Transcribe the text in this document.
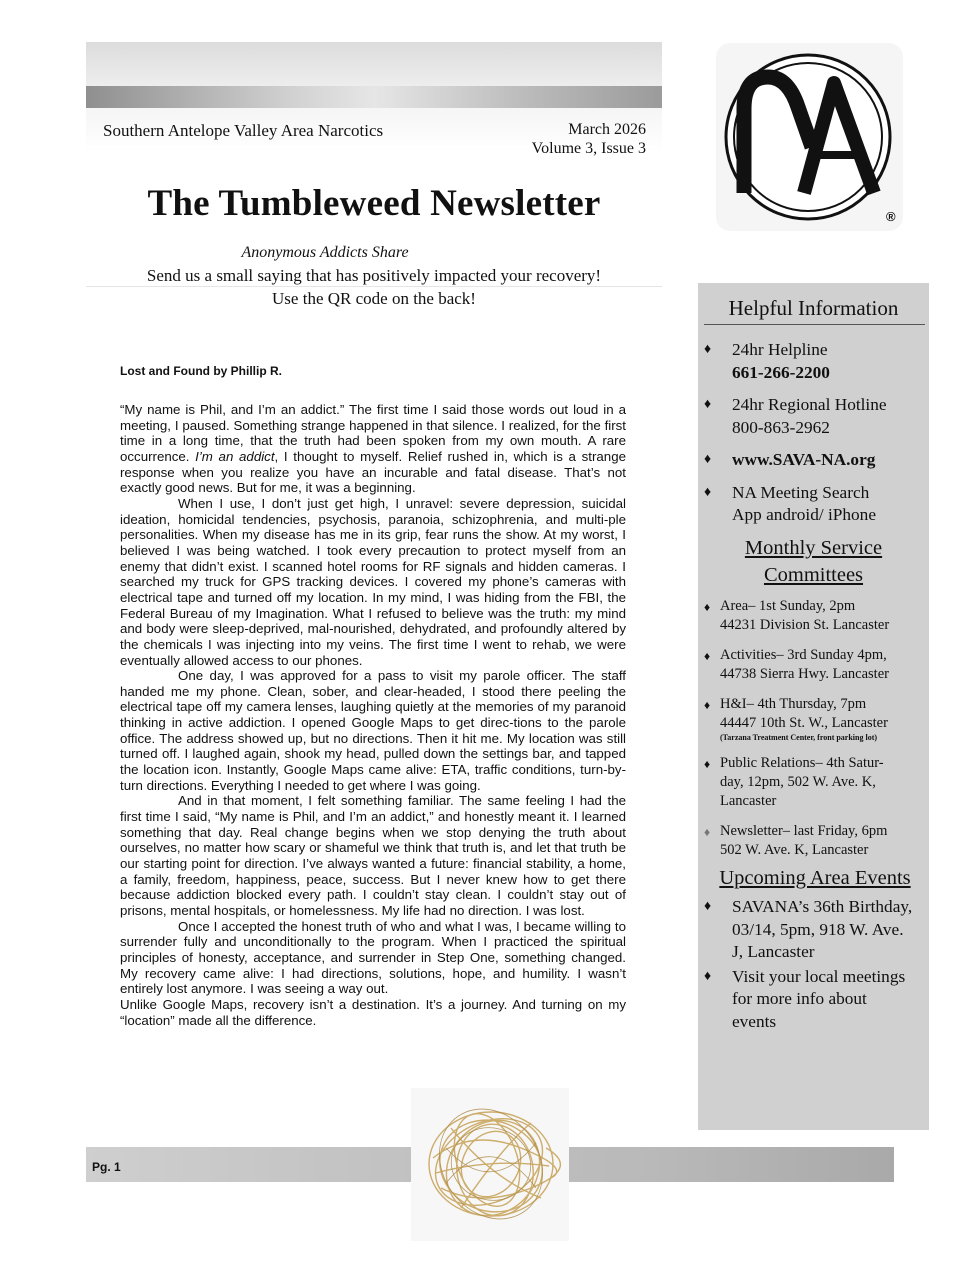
Southern Antelope Valley Area Narcotics	March 2026
Volume 3, Issue 3
The Tumbleweed Newsletter
Anonymous Addicts Share
Send us a small saying that has positively impacted your recovery!
Use the QR code on the back!
®
Lost and Found by Phillip R.

“My name is Phil, and I’m an addict.” The first time I said those words out loud in a meeting, I paused. Something strange happened in that silence. I realized, for the first time in a long time, that the truth had been spoken from my own mouth. A rare occurrence. I’m an addict, I thought to myself. Relief rushed in, which is a strange response when you realize you have an incurable and fatal disease. That’s not exactly good news. But for me, it was a beginning.

When I use, I don’t just get high, I unravel: severe depression, suicidal ideation, homicidal tendencies, psychosis, paranoia, schizophrenia, and multi-ple personalities. When my disease has me in its grip, fear runs the show. At my worst, I believed I was being watched. I took every precaution to protect myself from an enemy that didn’t exist. I scanned hotel rooms for RF signals and hidden cameras. I searched my truck for GPS tracking devices. I covered my phone’s cameras with electrical tape and turned off my location. In my mind, I was hiding from the FBI, the Federal Bureau of my Imagination. What I refused to believe was the truth: my mind and body were sleep-deprived, mal-nourished, dehydrated, and profoundly altered by the chemicals I was injecting into my veins. The first time I went to rehab, we were eventually allowed access to our phones.

One day, I was approved for a pass to visit my parole officer. The staff handed me my phone. Clean, sober, and clear-headed, I stood there peeling the electrical tape off my camera lenses, laughing quietly at the memories of my paranoid thinking in active addiction. I opened Google Maps to get direc-tions to the parole office. The address showed up, but no directions. Then it hit me. My location was still turned off. I laughed again, shook my head, pulled down the settings bar, and tapped the location icon. Instantly, Google Maps came alive: ETA, traffic conditions, turn-by-turn directions. Everything I needed to get where I was going.

And in that moment, I felt something familiar. The same feeling I had the first time I said, “My name is Phil, and I’m an addict,” and honestly meant it. I learned something that day. Real change begins when we stop denying the truth about ourselves, no matter how scary or shameful we think that truth is, and let that truth be our starting point for direction. I’ve always wanted a future: financial stability, a home, a family, freedom, happiness, peace, success. But I never knew how to get there because addiction blocked every path. I couldn’t stay clean. I couldn’t stay out of prisons, mental hospitals, or homelessness. My life had no direction. I was lost.

Once I accepted the honest truth of who and what I was, I became willing to surrender fully and unconditionally to the program. When I practiced the spiritual principles of honesty, acceptance, and surrender in Step One, something changed. My recovery came alive: I had directions, solutions, hope, and humility. I wasn’t entirely lost anymore. I was seeing a way out.

Unlike Google Maps, recovery isn’t a destination. It’s a journey. And turning on my “location” made all the difference.

Helpful Information
♦ 24hr Helpline
661-266-2200
♦ 24hr Regional Hotline
800-863-2962
♦ www.SAVA-NA.org
♦ NA Meeting Search
App android/ iPhone
Monthly Service
Committees
♦ Area– 1st Sunday, 2pm
44231 Division St. Lancaster
♦ Activities– 3rd Sunday 4pm,
44738 Sierra Hwy. Lancaster
♦ H&I– 4th Thursday, 7pm
44447 10th St. W., Lancaster
(Tarzana Treatment Center, front parking lot)
♦ Public Relations– 4th Satur-
day, 12pm, 502 W. Ave. K,
Lancaster
♦ Newsletter– last Friday, 6pm
502 W. Ave. K, Lancaster
Upcoming Area Events
♦ SAVANA’s 36th Birthday,
03/14, 5pm, 918 W. Ave.
J, Lancaster
♦ Visit your local meetings
for more info about
events
Pg. 1
